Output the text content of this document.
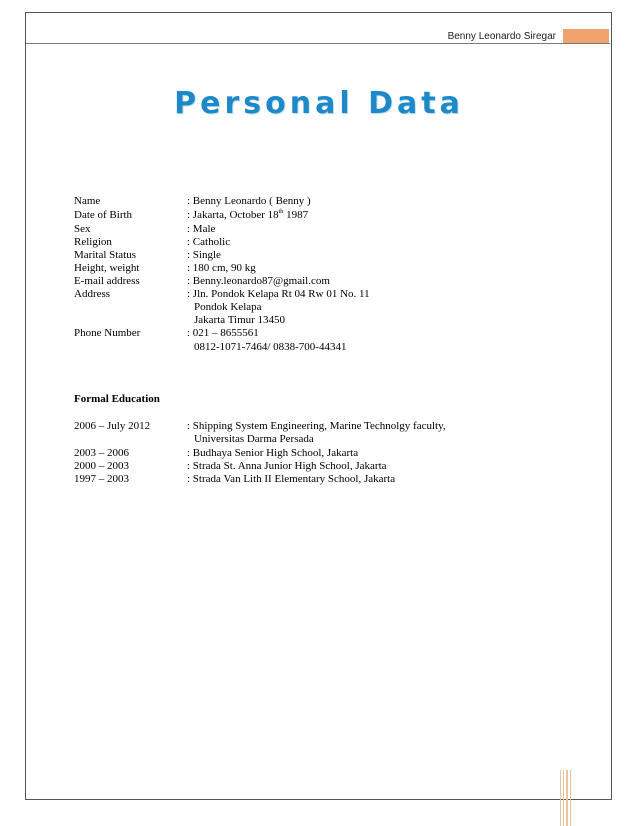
Benny Leonardo Siregar
Personal Data
Name	: Benny Leonardo ( Benny )
Date of Birth	: Jakarta, October 18th 1987
Sex	: Male
Religion	: Catholic
Marital Status	: Single
Height, weight	: 180 cm, 90 kg
E-mail address	: Benny.leonardo87@gmail.com
Address	: Jln. Pondok Kelapa Rt 04 Rw 01 No. 11
Pondok Kelapa
Jakarta Timur 13450
Phone Number	: 021 – 8655561
0812-1071-7464/ 0838-700-44341
Formal Education
2006 – July 2012	: Shipping System Engineering, Marine Technolgy faculty,
Universitas Darma Persada
2003 – 2006	: Budhaya Senior High School, Jakarta
2000 – 2003	: Strada St. Anna Junior High School, Jakarta
1997 – 2003	: Strada Van Lith II Elementary School, Jakarta
